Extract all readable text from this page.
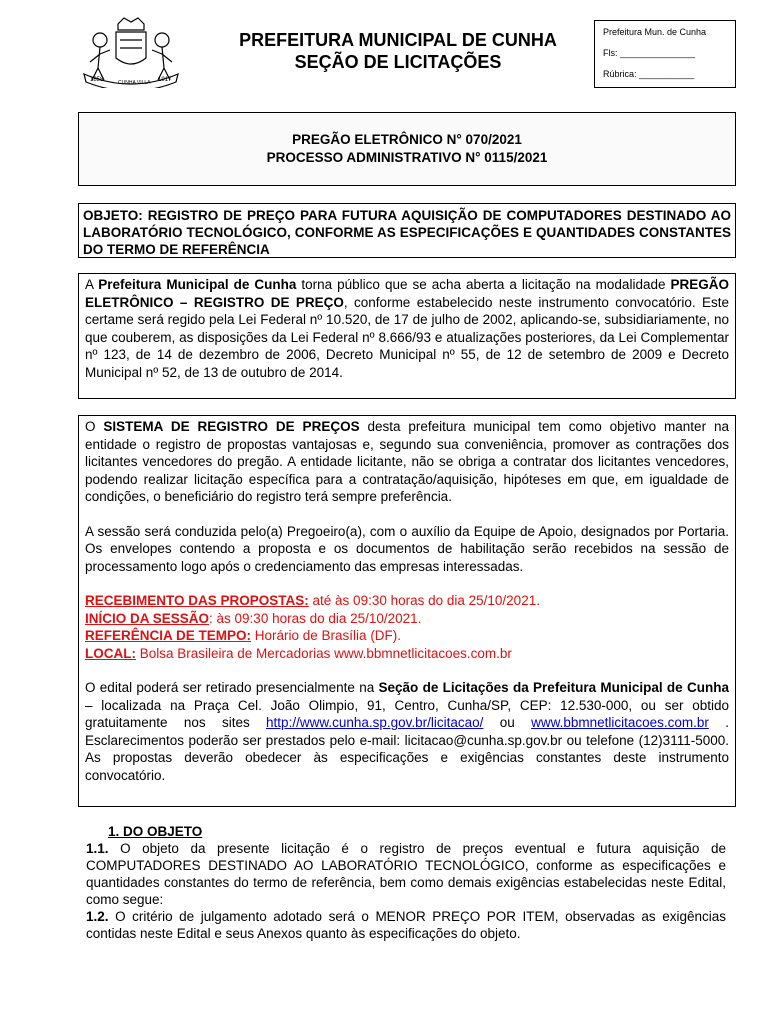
1858	1917
CUNHA VILLA
PREFEITURA MUNICIPAL DE CUNHA
SEÇÃO DE LICITAÇÕES
Prefeitura Mun. de Cunha
Fls: _______________
Rúbrica: ___________
PREGÃO ELETRÔNICO N° 070/2021
PROCESSO ADMINISTRATIVO N° 0115/2021
OBJETO: REGISTRO DE PREÇO PARA FUTURA AQUISIÇÃO DE COMPUTADORES DESTINADO AO LABORATÓRIO TECNOLÓGICO, CONFORME AS ESPECIFICAÇÕES E QUANTIDADES CONSTANTES DO TERMO DE REFERÊNCIA
A Prefeitura Municipal de Cunha torna público que se acha aberta a licitação na modalidade PREGÃO ELETRÔNICO – REGISTRO DE PREÇO, conforme estabelecido neste instrumento convocatório. Este certame será regido pela Lei Federal nº 10.520, de 17 de julho de 2002, aplicando-se, subsidiariamente, no que couberem, as disposições da Lei Federal nº 8.666/93 e atualizações posteriores, da Lei Complementar nº 123, de 14 de dezembro de 2006, Decreto Municipal nº 55, de 12 de setembro de 2009 e Decreto Municipal nº 52, de 13 de outubro de 2014.

O SISTEMA DE REGISTRO DE PREÇOS desta prefeitura municipal tem como objetivo manter na entidade o registro de propostas vantajosas e, segundo sua conveniência, promover as contrações dos licitantes vencedores do pregão. A entidade licitante, não se obriga a contratar dos licitantes vencedores, podendo realizar licitação específica para a contratação/aquisição, hipóteses em que, em igualdade de condições, o beneficiário do registro terá sempre preferência.

A sessão será conduzida pelo(a) Pregoeiro(a), com o auxílio da Equipe de Apoio, designados por Portaria. Os envelopes contendo a proposta e os documentos de habilitação serão recebidos na sessão de processamento logo após o credenciamento das empresas interessadas.

RECEBIMENTO DAS PROPOSTAS: até às 09:30 horas do dia 25/10/2021.
INÍCIO DA SESSÃO: às 09:30 horas do dia 25/10/2021.
REFERÊNCIA DE TEMPO: Horário de Brasília (DF).
LOCAL: Bolsa Brasileira de Mercadorias www.bbmnetlicitacoes.com.br

O edital poderá ser retirado presencialmente na Seção de Licitações da Prefeitura Municipal de Cunha – localizada na Praça Cel. João Olimpio, 91, Centro, Cunha/SP, CEP: 12.530-000, ou ser obtido gratuitamente nos sites http://www.cunha.sp.gov.br/licitacao/ ou www.bbmnetlicitacoes.com.br . Esclarecimentos poderão ser prestados pelo e-mail: licitacao@cunha.sp.gov.br ou telefone (12)3111-5000. As propostas deverão obedecer às especificações e exigências constantes deste instrumento convocatório.

1. DO OBJETO

1.1. O objeto da presente licitação é o registro de preços eventual e futura aquisição de COMPUTADORES DESTINADO AO LABORATÓRIO TECNOLÓGICO, conforme as especificações e quantidades constantes do termo de referência, bem como demais exigências estabelecidas neste Edital, como segue:

1.2. O critério de julgamento adotado será o MENOR PREÇO POR ITEM, observadas as exigências contidas neste Edital e seus Anexos quanto às especificações do objeto.
